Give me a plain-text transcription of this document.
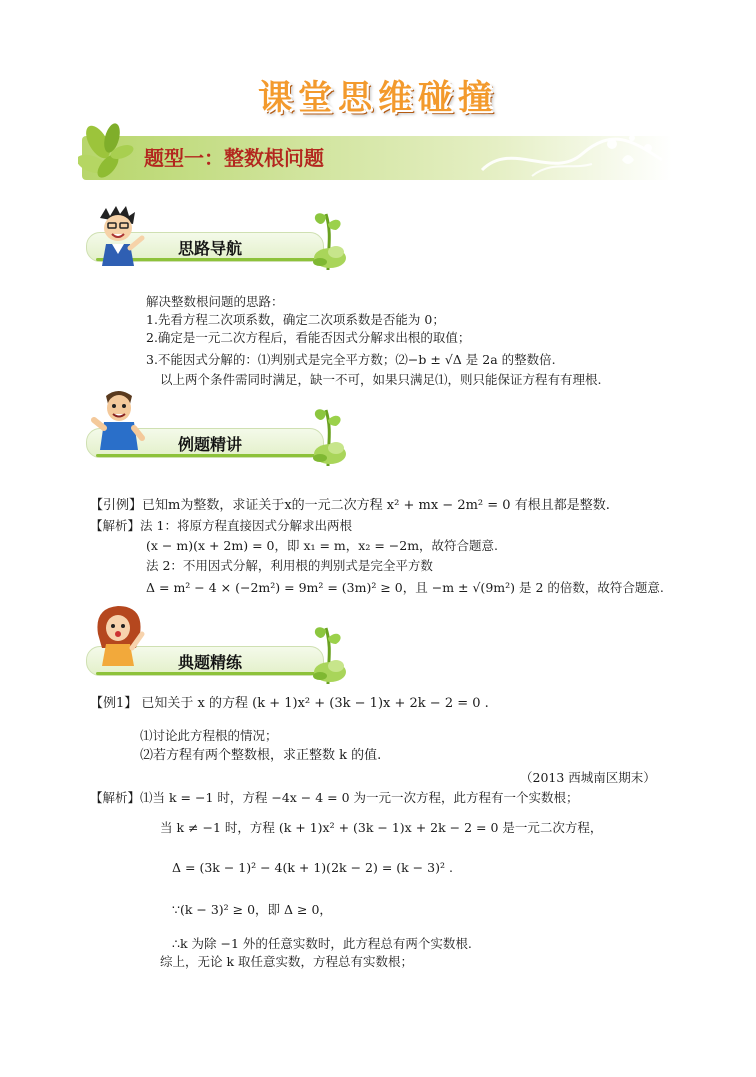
课堂思维碰撞
题型一：整数根问题
思路导航
解决整数根问题的思路：
1.先看方程二次项系数，确定二次项系数是否能为 0；
2.确定是一元二次方程后，看能否因式分解求出根的取值；
3.不能因式分解的：⑴判别式是完全平方数；⑵−b ± √Δ 是 2a 的整数倍.
以上两个条件需同时满足，缺一不可，如果只满足⑴，则只能保证方程有有理根.
例题精讲
【引例】已知m为整数，求证关于x的一元二次方程 x² + mx − 2m² = 0 有根且都是整数.
【解析】法 1：将原方程直接因式分解求出两根
(x − m)(x + 2m) = 0，即 x₁ = m，x₂ = −2m，故符合题意.
法 2：不用因式分解，利用根的判别式是完全平方数
Δ = m² − 4 × (−2m²) = 9m² = (3m)² ≥ 0，且 −m ± √(9m²) 是 2 的倍数，故符合题意.
典题精练
【例1】 已知关于 x 的方程 (k + 1)x² + (3k − 1)x + 2k − 2 = 0 .
⑴讨论此方程根的情况；
⑵若方程有两个整数根，求正整数 k 的值.
（2013 西城南区期末）
【解析】⑴当 k = −1 时，方程 −4x − 4 = 0 为一元一次方程，此方程有一个实数根；
当 k ≠ −1 时，方程 (k + 1)x² + (3k − 1)x + 2k − 2 = 0 是一元二次方程，
Δ = (3k − 1)² − 4(k + 1)(2k − 2) = (k − 3)² .
∵(k − 3)² ≥ 0，即 Δ ≥ 0，
∴k 为除 −1 外的任意实数时，此方程总有两个实数根.
综上，无论 k 取任意实数，方程总有实数根；
